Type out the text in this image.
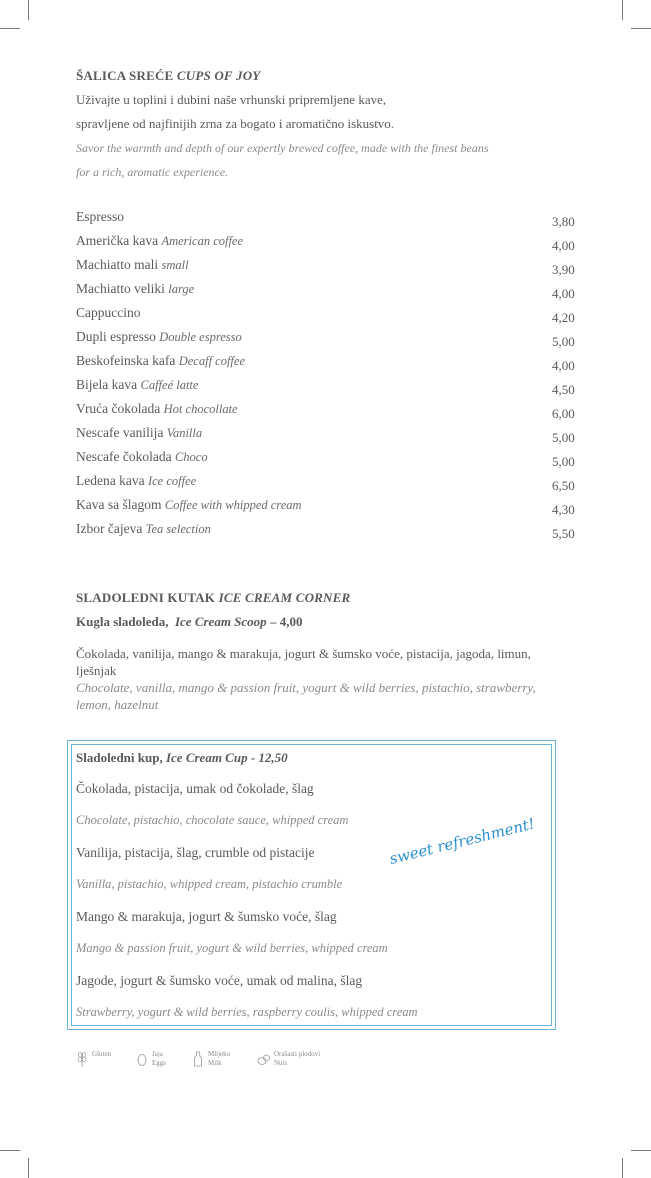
ŠALICA SREĆE CUPS OF JOY
Uživajte u toplini i dubini naše vrhunski pripremljene kave,
spravljene od najfinijih zrna za bogato i aromatično iskustvo.
Savor the warmth and depth of our expertly brewed coffee, made with the finest beans
for a rich, aromatic experience.
Espresso	3,80
Američka kava American coffee	4,00
Machiatto mali small	3,90
Machiatto veliki large	4,00
Cappuccino	4,20
Dupli espresso Double espresso	5,00
Beskofeinska kafa Decaff coffee	4,00
Bijela kava Caffeé latte	4,50
Vruća čokolada Hot chocollate	6,00
Nescafe vanilija Vanilla	5,00
Nescafe čokolada Choco	5,00
Ledena kava Ice coffee	6,50
Kava sa šlagom Coffee with whipped cream	4,30
Izbor čajeva Tea selection	5,50
SLADOLEDNI KUTAK ICE CREAM CORNER
Kugla sladoleda, Ice Cream Scoop – 4,00
Čokolada, vanilija, mango & marakuja, jogurt & šumsko voće, pistacija, jagoda, limun, lješnjak
Chocolate, vanilla, mango & passion fruit, yogurt & wild berries, pistachio, strawberry, lemon, hazelnut
Sladoledni kup, Ice Cream Cup - 12,50
Čokolada, pistacija, umak od čokolade, šlag
Chocolate, pistachio, chocolate sauce, whipped cream
Vanilija, pistacija, šlag, crumble od pistacije
Vanilla, pistachio, whipped cream, pistachio crumble
Mango & marakuja, jogurt & šumsko voće, šlag
Mango & passion fruit, yogurt & wild berries, whipped cream
Jagode, jogurt & šumsko voće, umak od malina, šlag
Strawberry, yogurt & wild berries, raspberry coulis, whipped cream
sweet refreshment!
Gluten	Jaja
Eggs
Mlijeko
Milk
Orašasti plodovi
Nuts
